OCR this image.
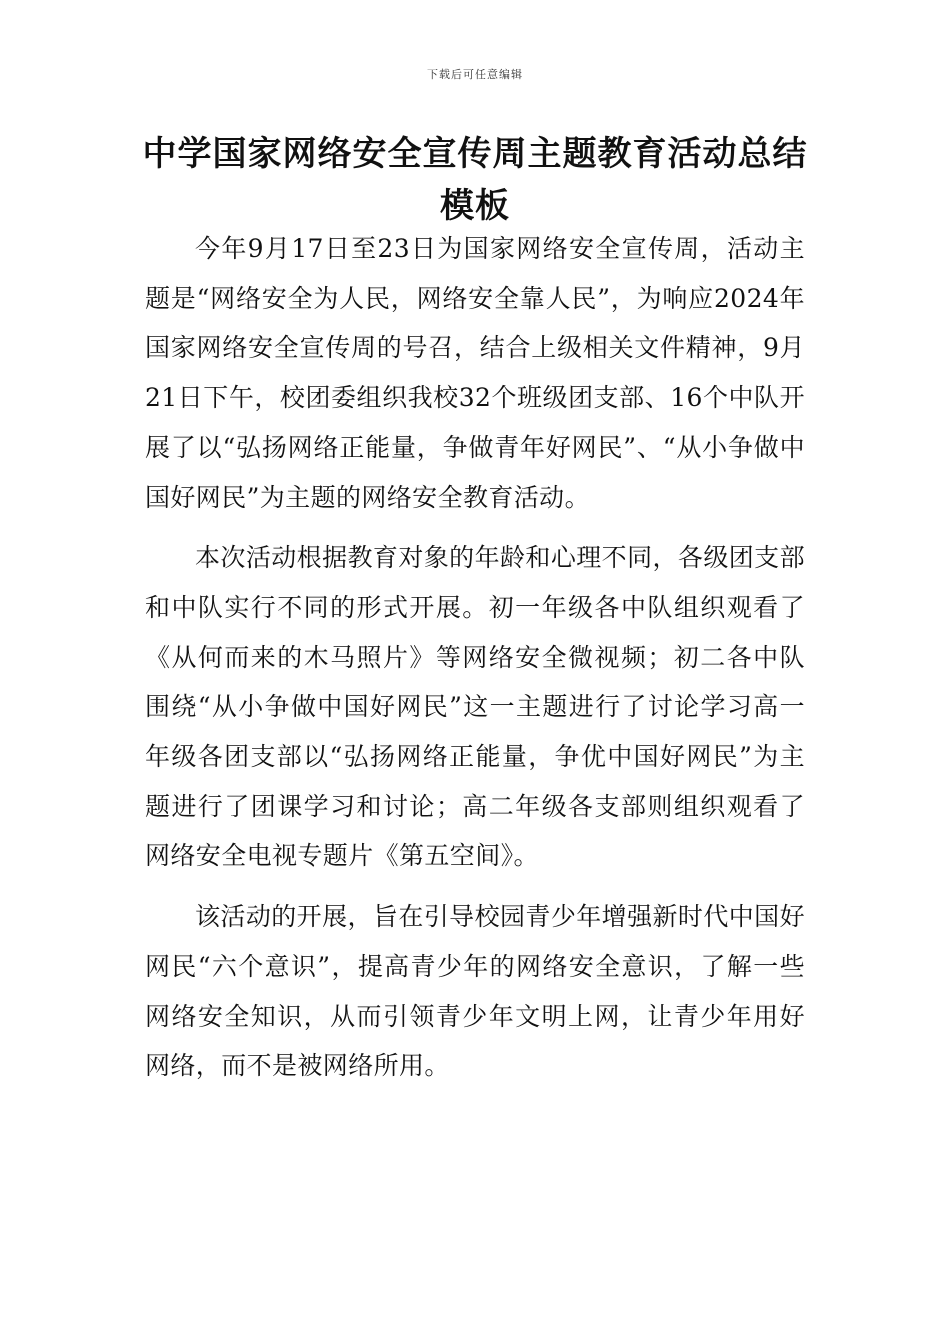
下载后可任意编辑
中学国家网络安全宣传周主题教育活动总结模板

今年9月17日至23日为国家网络安全宣传周，活动主题是“网络安全为人民，网络安全靠人民”，为响应2024年国家网络安全宣传周的号召，结合上级相关文件精神，9月21日下午，校团委组织我校32个班级团支部、16个中队开展了以“弘扬网络正能量，争做青年好网民”、“从小争做中国好网民”为主题的网络安全教育活动。

本次活动根据教育对象的年龄和心理不同，各级团支部和中队实行不同的形式开展。初一年级各中队组织观看了《从何而来的木马照片》等网络安全微视频；初二各中队围绕“从小争做中国好网民”这一主题进行了讨论学习高一年级各团支部以“弘扬网络正能量，争优中国好网民”为主题进行了团课学习和讨论；高二年级各支部则组织观看了网络安全电视专题片《第五空间》。

该活动的开展，旨在引导校园青少年增强新时代中国好网民“六个意识”，提高青少年的网络安全意识，了解一些网络安全知识，从而引领青少年文明上网，让青少年用好网络，而不是被网络所用。
